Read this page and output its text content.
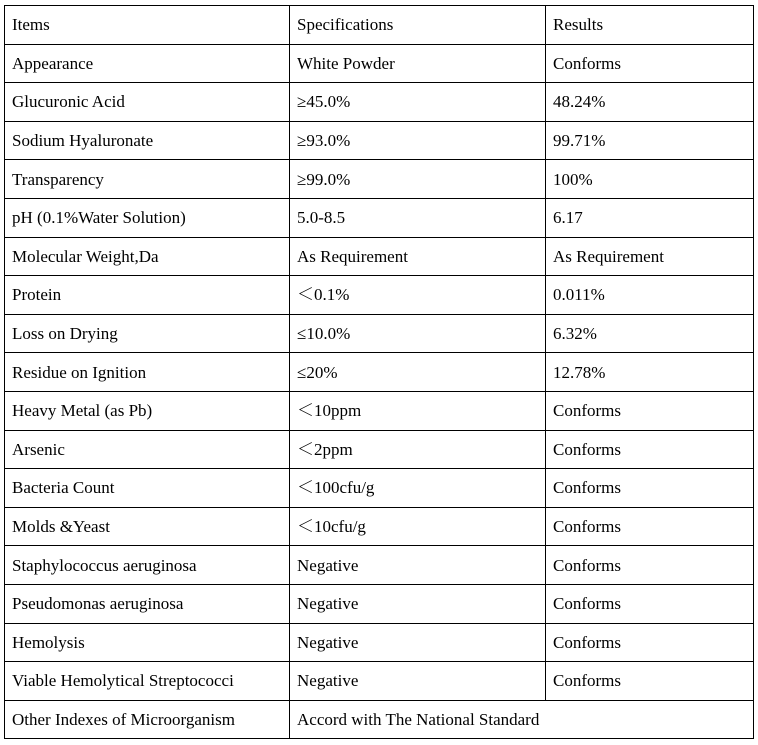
Items	Specifications	Results
Appearance	White Powder	Conforms
Glucuronic Acid	≥45.0%	48.24%
Sodium Hyaluronate	≥93.0%	99.71%
Transparency	≥99.0%	100%
pH (0.1%Water Solution)	5.0-8.5	6.17
Molecular Weight,Da	As Requirement	As Requirement
Protein	＜0.1%	0.011%
Loss on Drying	≤10.0%	6.32%
Residue on Ignition	≤20%	12.78%
Heavy Metal (as Pb)	＜10ppm	Conforms
Arsenic	＜2ppm	Conforms
Bacteria Count	＜100cfu/g	Conforms
Molds &Yeast	＜10cfu/g	Conforms
Staphylococcus aeruginosa	Negative	Conforms
Pseudomonas aeruginosa	Negative	Conforms
Hemolysis	Negative	Conforms
Viable Hemolytical Streptococci	Negative	Conforms
Other Indexes of Microorganism	Accord with The National Standard	
